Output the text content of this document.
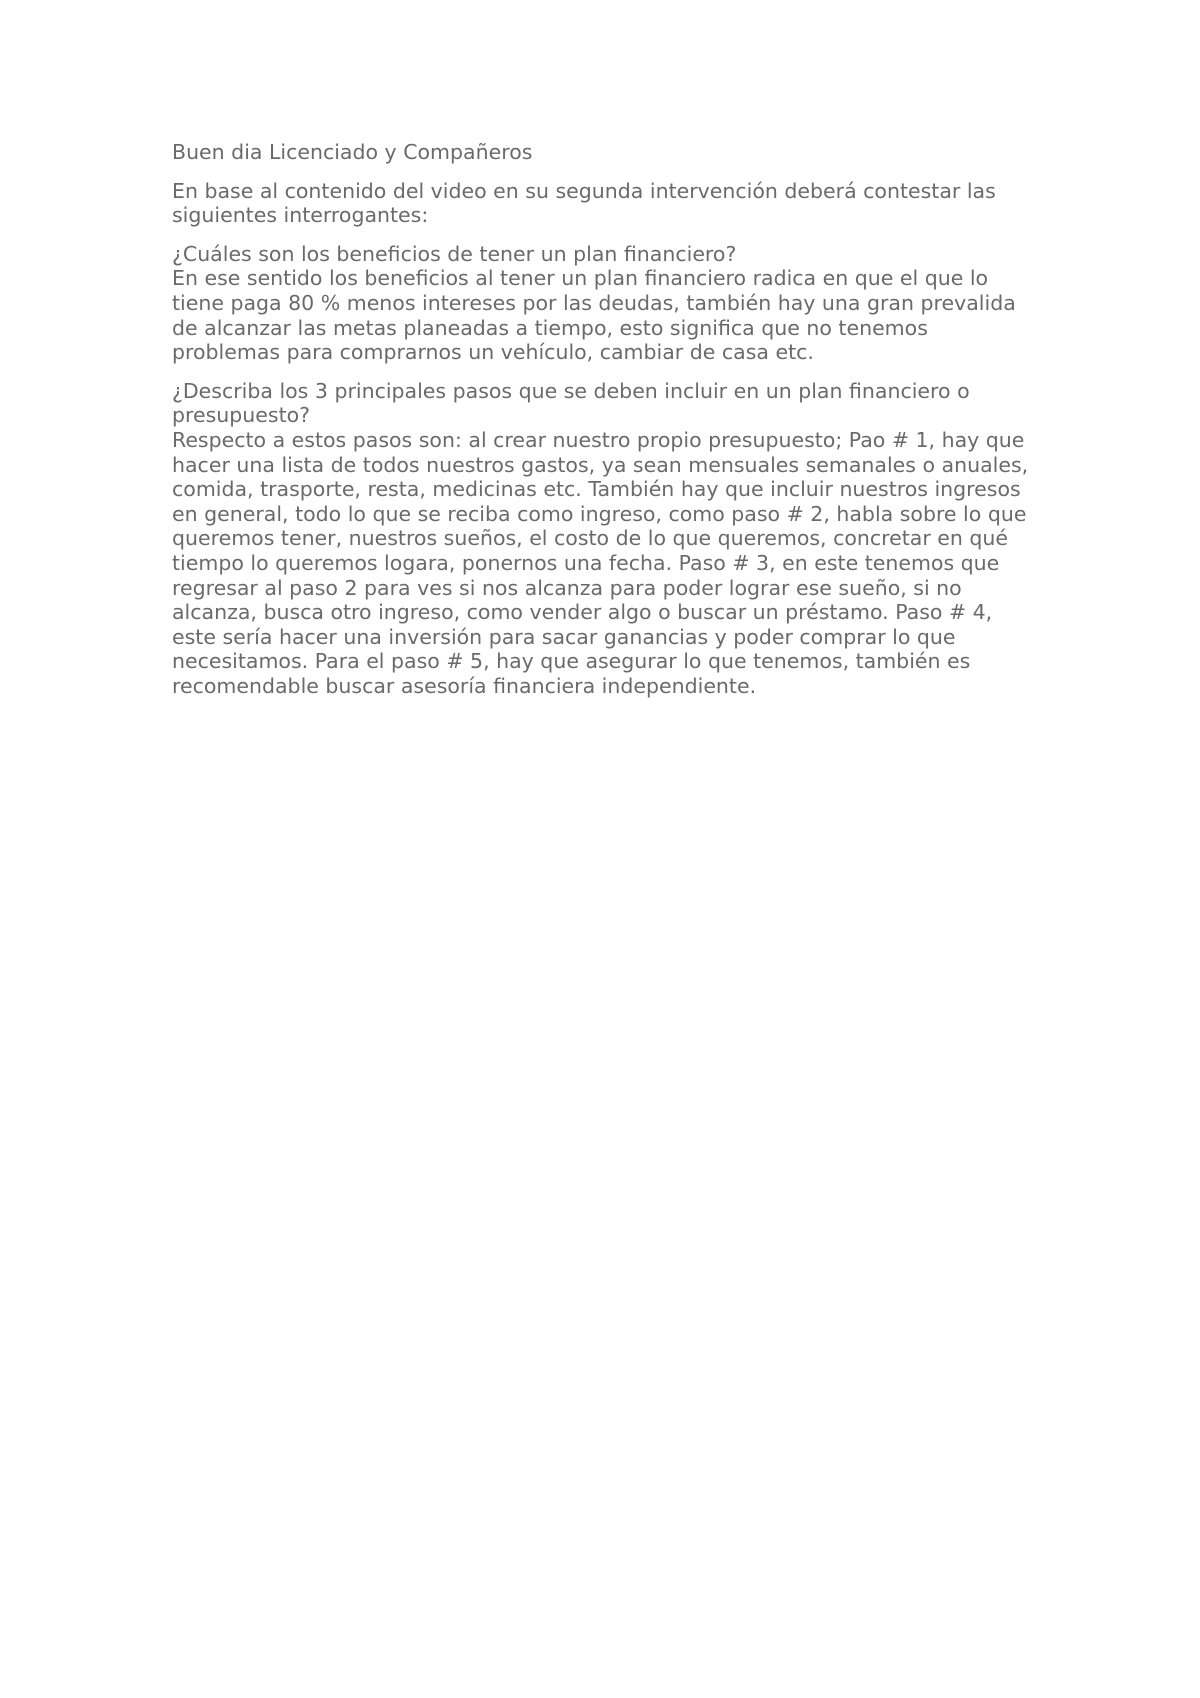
Buen dia Licenciado y Compañeros

En base al contenido del video en su segunda intervención deberá contestar las siguientes interrogantes:

¿Cuáles son los beneficios de tener un plan financiero?
En ese sentido los beneficios al tener un plan financiero radica en que el que lo tiene paga 80 % menos intereses por las deudas, también hay una gran prevalida de alcanzar las metas planeadas a tiempo, esto significa que no tenemos problemas para comprarnos un vehículo, cambiar de casa etc.

¿Describa los 3 principales pasos que se deben incluir en un plan financiero o presupuesto?
Respecto a estos pasos son: al crear nuestro propio presupuesto; Pao # 1, hay que hacer una lista de todos nuestros gastos, ya sean mensuales semanales o anuales, comida, trasporte, resta, medicinas etc. También hay que incluir nuestros ingresos en general, todo lo que se reciba como ingreso, como paso # 2, habla sobre lo que queremos tener, nuestros sueños, el costo de lo que queremos, concretar en qué tiempo lo queremos logara, ponernos una fecha. Paso # 3, en este tenemos que regresar al paso 2 para ves si nos alcanza para poder lograr ese sueño, si no alcanza, busca otro ingreso, como vender algo o buscar un préstamo. Paso # 4, este sería hacer una inversión para sacar ganancias y poder comprar lo que necesitamos. Para el paso # 5, hay que asegurar lo que tenemos, también es recomendable buscar asesoría financiera independiente.
